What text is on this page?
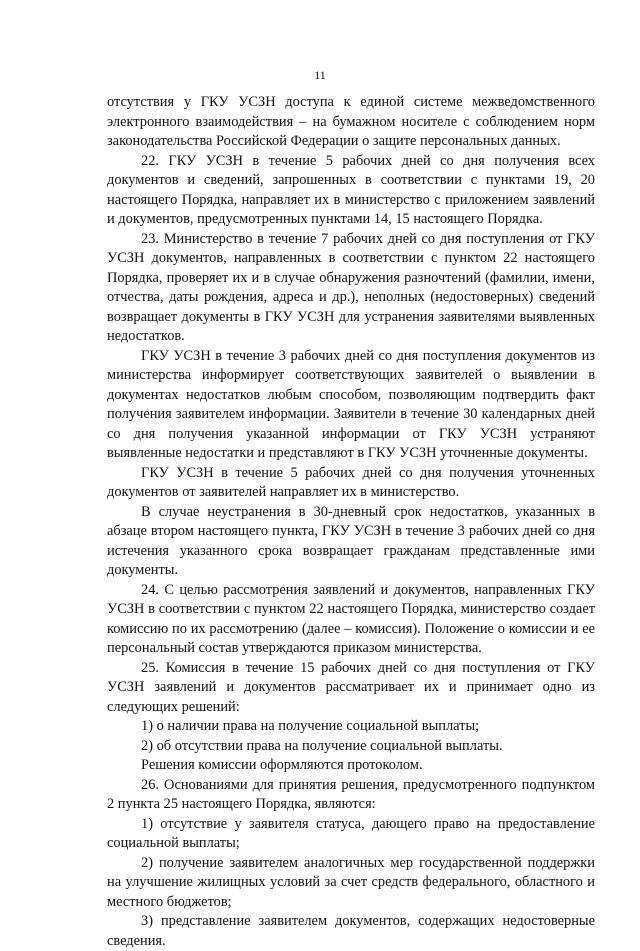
11

отсутствия у ГКУ УСЗН доступа к единой системе межведомственного электронного взаимодействия – на бумажном носителе с соблюдением норм законодательства Российской Федерации о защите персональных данных.

22. ГКУ УСЗН в течение 5 рабочих дней со дня получения всех документов и сведений, запрошенных в соответствии с пунктами 19, 20 настоящего Порядка, направляет их в министерство с приложением заявлений и документов, предусмотренных пунктами 14, 15 настоящего Порядка.

23. Министерство в течение 7 рабочих дней со дня поступления от ГКУ УСЗН документов, направленных в соответствии с пунктом 22 настоящего Порядка, проверяет их и в случае обнаружения разночтений (фамилии, имени, отчества, даты рождения, адреса и др.), неполных (недостоверных) сведений возвращает документы в ГКУ УСЗН для устранения заявителями выявленных недостатков.

ГКУ УСЗН в течение 3 рабочих дней со дня поступления документов из министерства информирует соответствующих заявителей о выявлении в документах недостатков любым способом, позволяющим подтвердить факт получения заявителем информации. Заявители в течение 30 календарных дней со дня получения указанной информации от ГКУ УСЗН устраняют выявленные недостатки и представляют в ГКУ УСЗН уточненные документы.

ГКУ УСЗН в течение 5 рабочих дней со дня получения уточненных документов от заявителей направляет их в министерство.

В случае неустранения в 30-дневный срок недостатков, указанных в абзаце втором настоящего пункта, ГКУ УСЗН в течение 3 рабочих дней со дня истечения указанного срока возвращает гражданам представленные ими документы.

24. С целью рассмотрения заявлений и документов, направленных ГКУ УСЗН в соответствии с пунктом 22 настоящего Порядка, министерство создает комиссию по их рассмотрению (далее – комиссия). Положение о комиссии и ее персональный состав утверждаются приказом министерства.

25. Комиссия в течение 15 рабочих дней со дня поступления от ГКУ УСЗН заявлений и документов рассматривает их и принимает одно из следующих решений:

1) о наличии права на получение социальной выплаты;

2) об отсутствии права на получение социальной выплаты.

Решения комиссии оформляются протоколом.

26. Основаниями для принятия решения, предусмотренного подпунктом 2 пункта 25 настоящего Порядка, являются:

1) отсутствие у заявителя статуса, дающего право на предоставление социальной выплаты;

2) получение заявителем аналогичных мер государственной поддержки на улучшение жилищных условий за счет средств федерального, областного и местного бюджетов;

3) представление заявителем документов, содержащих недостоверные сведения.
